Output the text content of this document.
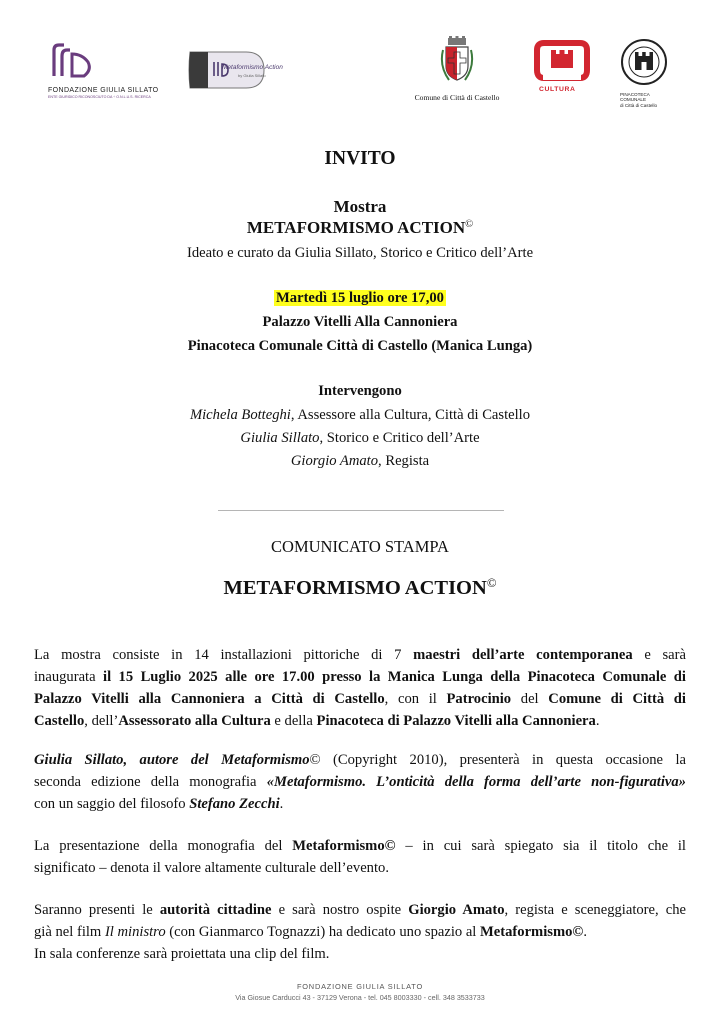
FONDAZIONE GIULIA SILLATO
ENTE GIURIDICO RICONOSCIUTO DA ÷ O.N.L.U.S. RICERCA
Metaformismo Action
by Giulia Sillato
Comune di Città di Castello
CULTURA
PINACOTECA COMUNALE
di Città di Castello
INVITO
Mostra
METAFORMISMO ACTION©
Ideato e curato da Giulia Sillato, Storico e Critico dell’Arte
Martedì 15 luglio ore 17,00
Palazzo Vitelli Alla Cannoniera
Pinacoteca Comunale Città di Castello (Manica Lunga)
Intervengono
Michela Botteghi, Assessore alla Cultura, Città di Castello
Giulia Sillato, Storico e Critico dell’Arte
Giorgio Amato, Regista
COMUNICATO STAMPA
METAFORMISMO ACTION©
La mostra consiste in 14 installazioni pittoriche di 7 maestri dell’arte contemporanea e sarà
inaugurata il 15 Luglio 2025 alle ore 17.00 presso la Manica Lunga della Pinacoteca Comunale di
Palazzo Vitelli alla Cannoniera a Città di Castello, con il Patrocinio del Comune di Città di
Castello, dell’Assessorato alla Cultura e della Pinacoteca di Palazzo Vitelli alla Cannoniera.
Giulia Sillato, autore del Metaformismo© (Copyright 2010), presenterà in questa occasione la
seconda edizione della monografia «Metaformismo. L’onticità della forma dell’arte non-figurativa»
con un saggio del filosofo Stefano Zecchi.
La presentazione della monografia del Metaformismo© – in cui sarà spiegato sia il titolo che il
significato – denota il valore altamente culturale dell’evento.
Saranno presenti le autorità cittadine e sarà nostro ospite Giorgio Amato, regista e sceneggiatore, che
già nel film Il ministro (con Gianmarco Tognazzi) ha dedicato uno spazio al Metaformismo©.
In sala conferenze sarà proiettata una clip del film.
FONDAZIONE GIULIA SILLATO
Via Giosue Carducci 43 - 37129 Verona - tel. 045 8003330 - cell. 348 3533733
